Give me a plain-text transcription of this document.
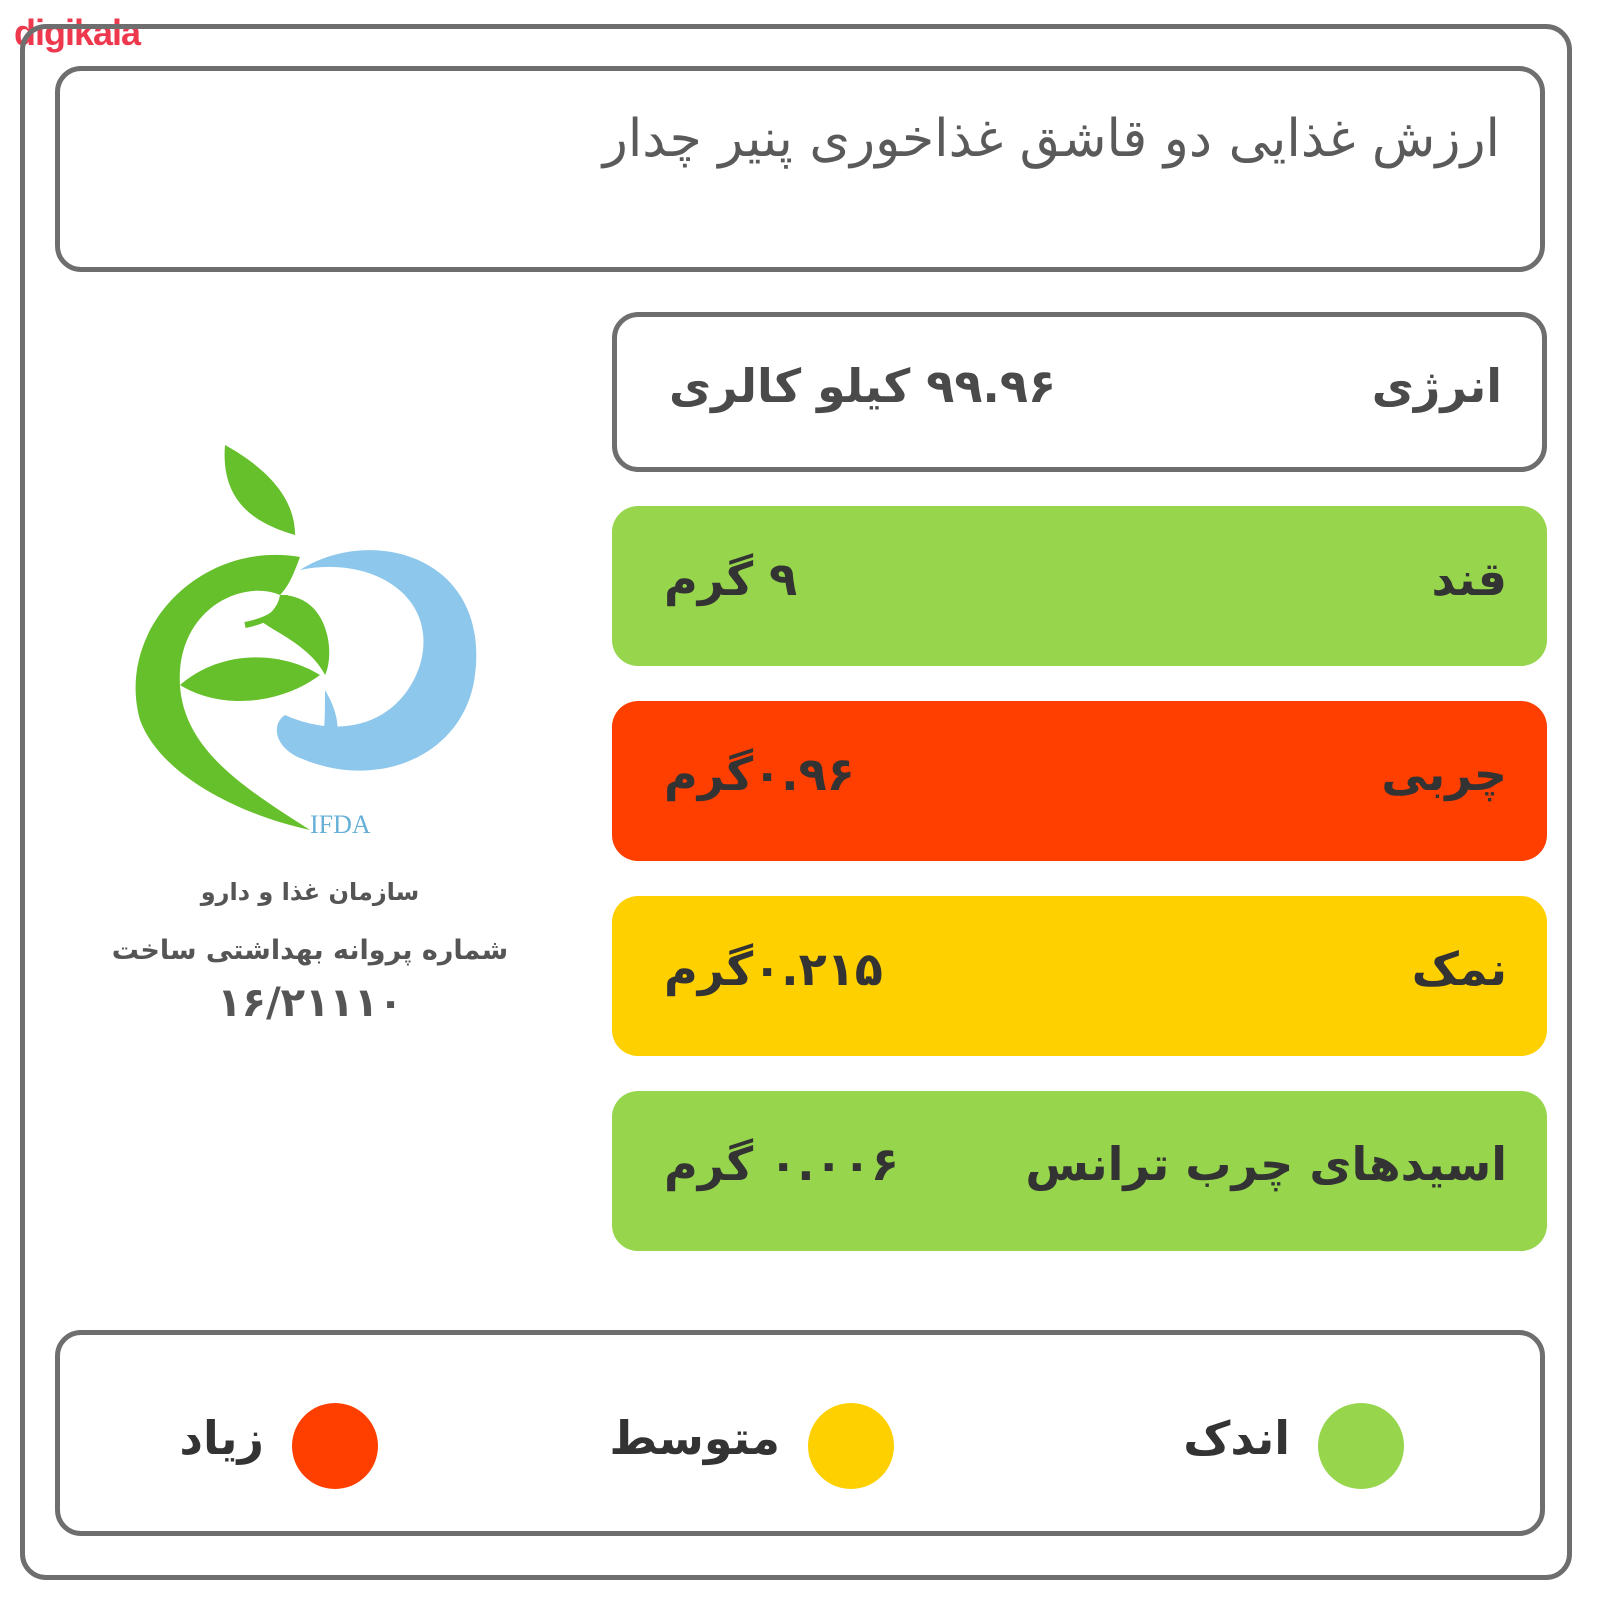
digikala
ارزش غذایی دو قاشق غذاخوری پنیر چدار
انرژی
۹۹.۹۶ کیلو کالری
قند
۹ گرم
چربی
۰.۹۶گرم
نمک
۰.۲۱۵گرم
اسیدهای چرب ترانس
۰.۰۰۶ گرم
IFDA
سازمان غذا و دارو
شماره پروانه بهداشتی ساخت
۱۶/۲۱۱۱۰
اندک
متوسط
زیاد
